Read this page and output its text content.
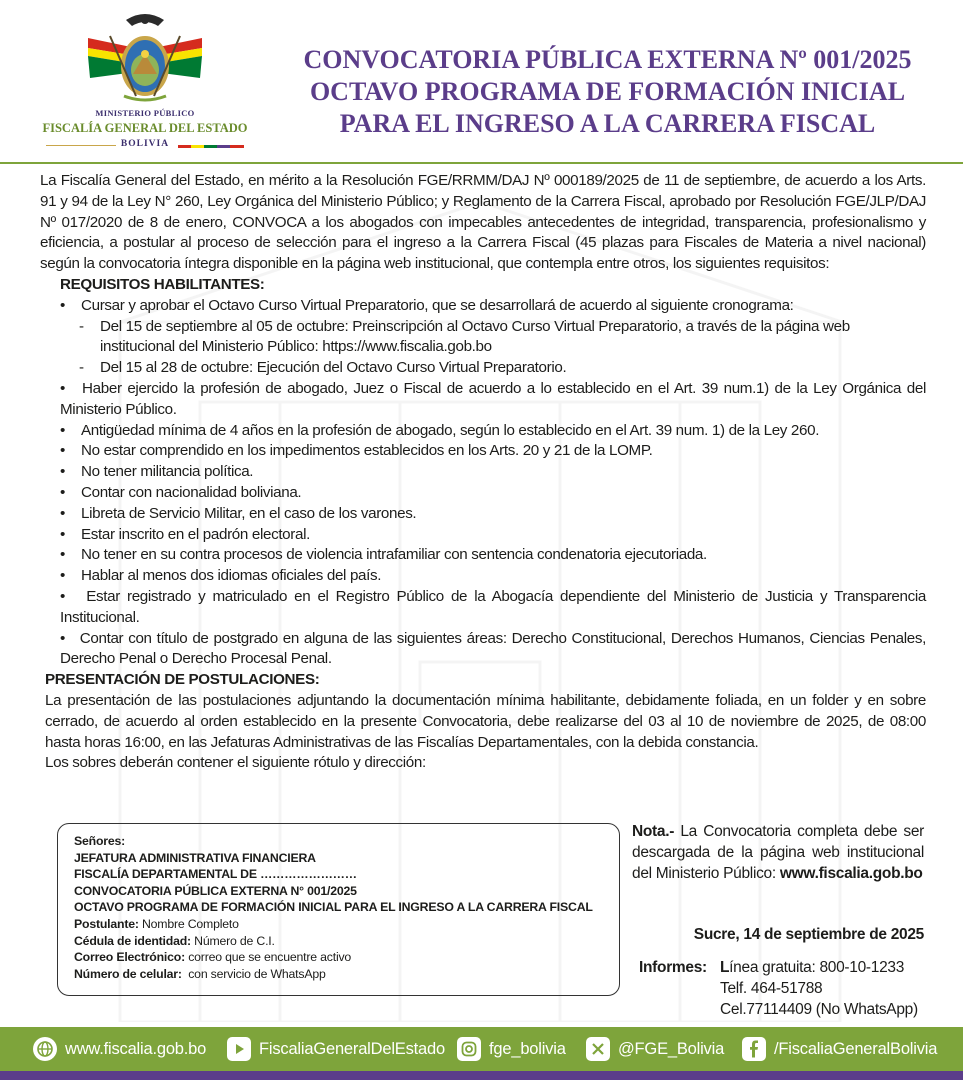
MINISTERIO PÚBLICO
FISCALÍA GENERAL DEL ESTADO
BOLIVIA
CONVOCATORIA PÚBLICA EXTERNA Nº 001/2025
OCTAVO PROGRAMA DE FORMACIÓN INICIAL
PARA EL INGRESO A LA CARRERA FISCAL

La Fiscalía General del Estado, en mérito a la Resolución FGE/RRMM/DAJ Nº 000189/2025 de 11 de septiembre, de acuerdo a los Arts. 91 y 94 de la Ley N° 260, Ley Orgánica del Ministerio Público; y Reglamento de la Carrera Fiscal, aprobado por Resolución FGE/JLP/DAJ Nº 017/2020 de 8 de enero, CONVOCA a los abogados con impecables antecedentes de integridad, transparencia, profesionalismo y eficiencia, a postular al proceso de selección para el ingreso a la Carrera Fiscal (45 plazas para Fiscales de Materia a nivel nacional) según la convocatoria íntegra disponible en la página web institucional, que contempla entre otros, los siguientes requisitos:

REQUISITOS HABILITANTES:

• Cursar y aprobar el Octavo Curso Virtual Preparatorio, que se desarrollará de acuerdo al siguiente cronograma:
- Del 15 de septiembre al 05 de octubre: Preinscripción al Octavo Curso Virtual Preparatorio, a través de la página web institucional del Ministerio Público: https://www.fiscalia.gob.bo
- Del 15 al 28 de octubre: Ejecución del Octavo Curso Virtual Preparatorio.
•   Haber ejercido la profesión de abogado, Juez o Fiscal de acuerdo a lo establecido en el Art. 39 num.1) de la Ley Orgánica del Ministerio Público.
• Antigüedad mínima de 4 años en la profesión de abogado, según lo establecido en el Art. 39 num. 1) de la Ley 260.
• No estar comprendido en los impedimentos establecidos en los Arts. 20 y 21 de la LOMP.
• No tener militancia política.
• Contar con nacionalidad boliviana.
• Libreta de Servicio Militar, en el caso de los varones.
• Estar inscrito en el padrón electoral.
• No tener en su contra procesos de violencia intrafamiliar con sentencia condenatoria ejecutoriada.
• Hablar al menos dos idiomas oficiales del país.
•   Estar registrado y matriculado en el Registro Público de la Abogacía dependiente del Ministerio de Justicia y Transparencia Institucional.
•   Contar con título de postgrado en alguna de las siguientes áreas: Derecho Constitucional, Derechos Humanos, Ciencias Penales, Derecho Penal o Derecho Procesal Penal.

PRESENTACIÓN DE POSTULACIONES:

La presentación de las postulaciones adjuntando la documentación mínima habilitante, debidamente foliada, en un folder y en sobre cerrado, de acuerdo al orden establecido en la presente Convocatoria, debe realizarse del 03 al 10 de noviembre de 2025, de 08:00 hasta horas 16:00, en las Jefaturas Administrativas de las Fiscalías Departamentales, con la debida constancia.

Los sobres deberán contener el siguiente rótulo y dirección:

Señores:
JEFATURA ADMINISTRATIVA FINANCIERA
FISCALÍA DEPARTAMENTAL DE ……………………
CONVOCATORIA PÚBLICA EXTERNA N° 001/2025
OCTAVO PROGRAMA DE FORMACIÓN INICIAL PARA EL INGRESO A LA CARRERA FISCAL
Postulante: Nombre Completo
Cédula de identidad: Número de C.I.
Correo Electrónico: correo que se encuentre activo
Número de celular:  con servicio de WhatsApp
Nota.- La Convocatoria completa debe ser descargada de la página web institucional del Ministerio Público: www.fiscalia.gob.bo
Sucre, 14 de septiembre de 2025
Informes: Línea gratuita: 800-10-1233
Telf. 464-51788
Cel.77114409 (No WhatsApp)
www.fiscalia.gob.bo	FiscaliaGeneralDelEstado	fge_bolivia	@FGE_Bolivia	/FiscaliaGeneralBolivia
